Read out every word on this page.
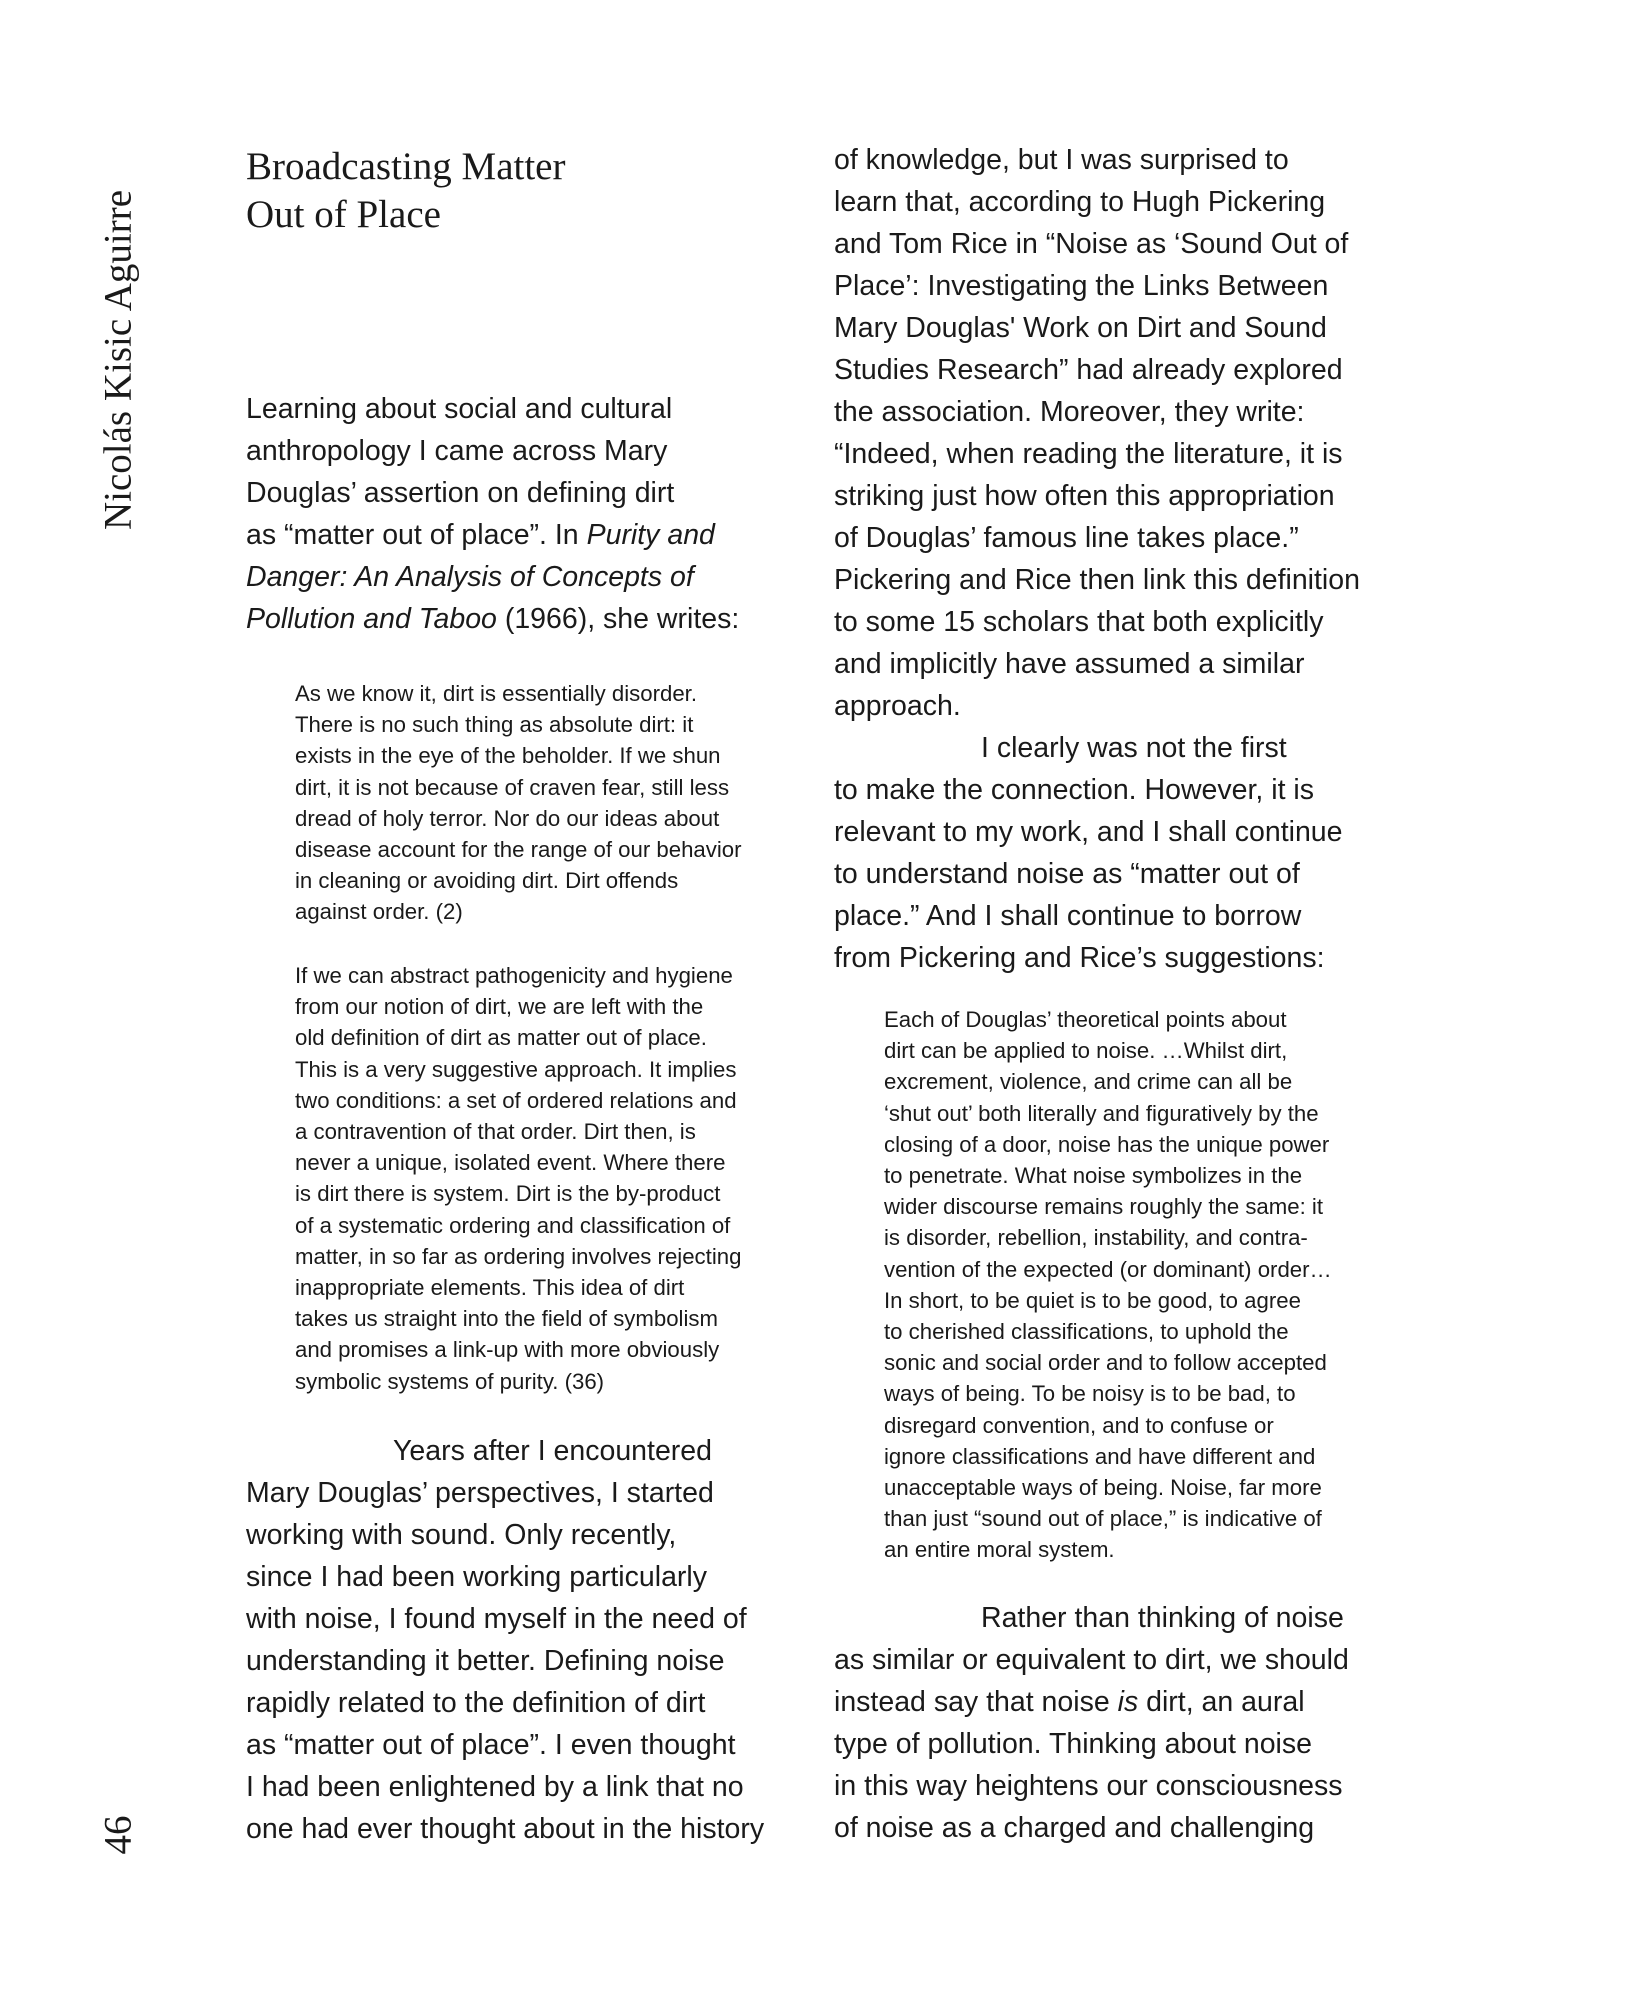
Nicolás Kisic Aguirre
46
Broadcasting Matter
Out of Place

Learning about social and cultural
anthropology I came across Mary
Douglas’ assertion on defining dirt
as “matter out of place”. In Purity and
Danger: An Analysis of Concepts of
Pollution and Taboo (1966), she writes:

As we know it, dirt is essentially disorder.
There is no such thing as absolute dirt: it
exists in the eye of the beholder. If we shun
dirt, it is not because of craven fear, still less
dread of holy terror. Nor do our ideas about
disease account for the range of our behavior
in cleaning or avoiding dirt. Dirt offends
against order. (2)

If we can abstract pathogenicity and hygiene
from our notion of dirt, we are left with the
old definition of dirt as matter out of place.
This is a very suggestive approach. It implies
two conditions: a set of ordered relations and
a contravention of that order. Dirt then, is
never a unique, isolated event. Where there
is dirt there is system. Dirt is the by-product
of a systematic ordering and classification of
matter, in so far as ordering involves rejecting
inappropriate elements. This idea of dirt
takes us straight into the field of symbolism
and promises a link-up with more obviously
symbolic systems of purity. (36)

Years after I encountered
Mary Douglas’ perspectives, I started
working with sound. Only recently,
since I had been working particularly
with noise, I found myself in the need of
understanding it better. Defining noise
rapidly related to the definition of dirt
as “matter out of place”. I even thought
I had been enlightened by a link that no
one had ever thought about in the history

of knowledge, but I was surprised to
learn that, according to Hugh Pickering
and Tom Rice in “Noise as ‘Sound Out of
Place’: Investigating the Links Between
Mary Douglas' Work on Dirt and Sound
Studies Research” had already explored
the association. Moreover, they write:
“Indeed, when reading the literature, it is
striking just how often this appropriation
of Douglas’ famous line takes place.”
Pickering and Rice then link this definition
to some 15 scholars that both explicitly
and implicitly have assumed a similar
approach.
I clearly was not the first
to make the connection. However, it is
relevant to my work, and I shall continue
to understand noise as “matter out of
place.” And I shall continue to borrow
from Pickering and Rice’s suggestions:

Each of Douglas’ theoretical points about
dirt can be applied to noise. …Whilst dirt,
excrement, violence, and crime can all be
‘shut out’ both literally and figuratively by the
closing of a door, noise has the unique power
to penetrate. What noise symbolizes in the
wider discourse remains roughly the same: it
is disorder, rebellion, instability, and contra-
vention of the expected (or dominant) order…
In short, to be quiet is to be good, to agree
to cherished classifications, to uphold the
sonic and social order and to follow accepted
ways of being. To be noisy is to be bad, to
disregard convention, and to confuse or
ignore classifications and have different and
unacceptable ways of being. Noise, far more
than just “sound out of place,” is indicative of
an entire moral system.

Rather than thinking of noise
as similar or equivalent to dirt, we should
instead say that noise is dirt, an aural
type of pollution. Thinking about noise
in this way heightens our consciousness
of noise as a charged and challenging
